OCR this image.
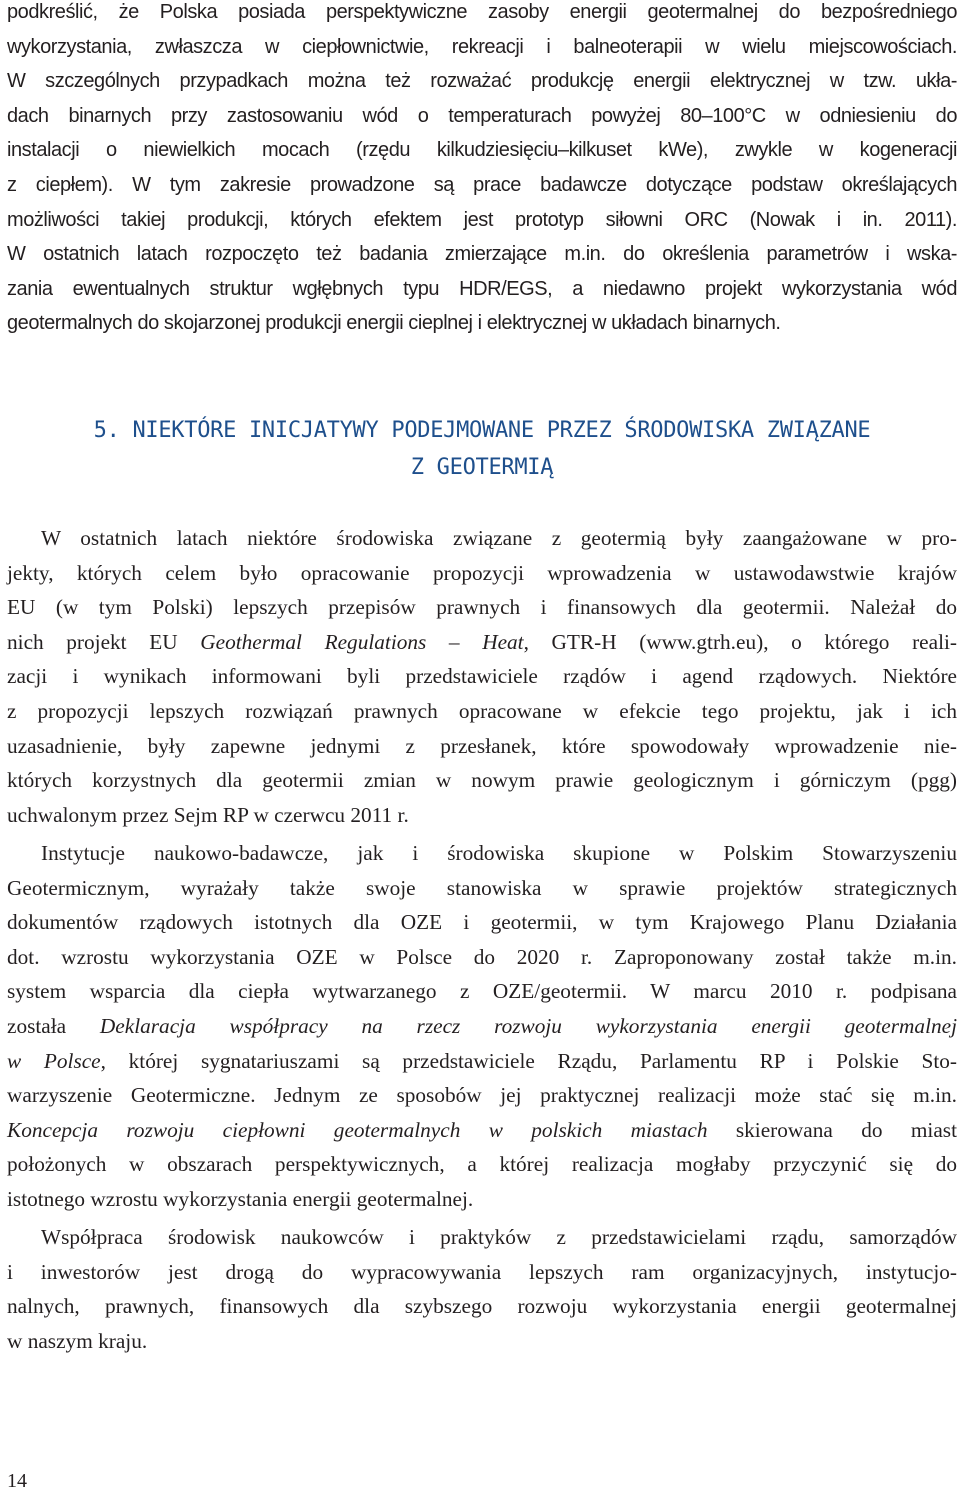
podkreślić, że Polska posiada perspektywiczne zasoby energii geotermalnej do bezpośredniego
wykorzystania, zwłaszcza w ciepłownictwie, rekreacji i balneoterapii w wielu miejscowościach.
W szczególnych przypadkach można też rozważać produkcję energii elektrycznej w tzw. ukła-
dach binarnych przy zastosowaniu wód o temperaturach powyżej 80–100°C w odniesieniu do
instalacji o niewielkich mocach (rzędu kilkudziesięciu–kilkuset kWe), zwykle w kogeneracji
z ciepłem). W tym zakresie prowadzone są prace badawcze dotyczące podstaw określających
możliwości takiej produkcji, których efektem jest prototyp siłowni ORC (Nowak i in. 2011).
W ostatnich latach rozpoczęto też badania zmierzające m.in. do określenia parametrów i wska-
zania ewentualnych struktur wgłębnych typu HDR/EGS, a niedawno projekt wykorzystania wód
geotermalnych do skojarzonej produkcji energii cieplnej i elektrycznej w układach binarnych.
5. NIEKTÓRE INICJATYWY PODEJMOWANE PRZEZ ŚRODOWISKA ZWIĄZANE
Z GEOTERMIĄ
W ostatnich latach niektóre środowiska związane z geotermią były zaangażowane w pro-
jekty, których celem było opracowanie propozycji wprowadzenia w ustawodawstwie krajów
EU (w tym Polski) lepszych przepisów prawnych i finansowych dla geotermii. Należał do
nich projekt EU Geothermal Regulations – Heat, GTR-H (www.gtrh.eu), o którego reali-
zacji i wynikach informowani byli przedstawiciele rządów i agend rządowych. Niektóre
z propozycji lepszych rozwiązań prawnych opracowane w efekcie tego projektu, jak i ich
uzasadnienie, były zapewne jednymi z przesłanek, które spowodowały wprowadzenie nie-
których korzystnych dla geotermii zmian w nowym prawie geologicznym i górniczym (pgg)
uchwalonym przez Sejm RP w czerwcu 2011 r.
Instytucje naukowo-badawcze, jak i środowiska skupione w Polskim Stowarzyszeniu
Geotermicznym, wyrażały także swoje stanowiska w sprawie projektów strategicznych
dokumentów rządowych istotnych dla OZE i geotermii, w tym Krajowego Planu Działania
dot. wzrostu wykorzystania OZE w Polsce do 2020 r. Zaproponowany został także m.in.
system wsparcia dla ciepła wytwarzanego z OZE/geotermii. W marcu 2010 r. podpisana
została Deklaracja współpracy na rzecz rozwoju wykorzystania energii geotermalnej
w Polsce, której sygnatariuszami są przedstawiciele Rządu, Parlamentu RP i Polskie Sto-
warzyszenie Geotermiczne. Jednym ze sposobów jej praktycznej realizacji może stać się m.in.
Koncepcja rozwoju ciepłowni geotermalnych w polskich miastach skierowana do miast
położonych w obszarach perspektywicznych, a której realizacja mogłaby przyczynić się do
istotnego wzrostu wykorzystania energii geotermalnej.
Współpraca środowisk naukowców i praktyków z przedstawicielami rządu, samorządów
i inwestorów jest drogą do wypracowywania lepszych ram organizacyjnych, instytucjo-
nalnych, prawnych, finansowych dla szybszego rozwoju wykorzystania energii geotermalnej
w naszym kraju.
14
